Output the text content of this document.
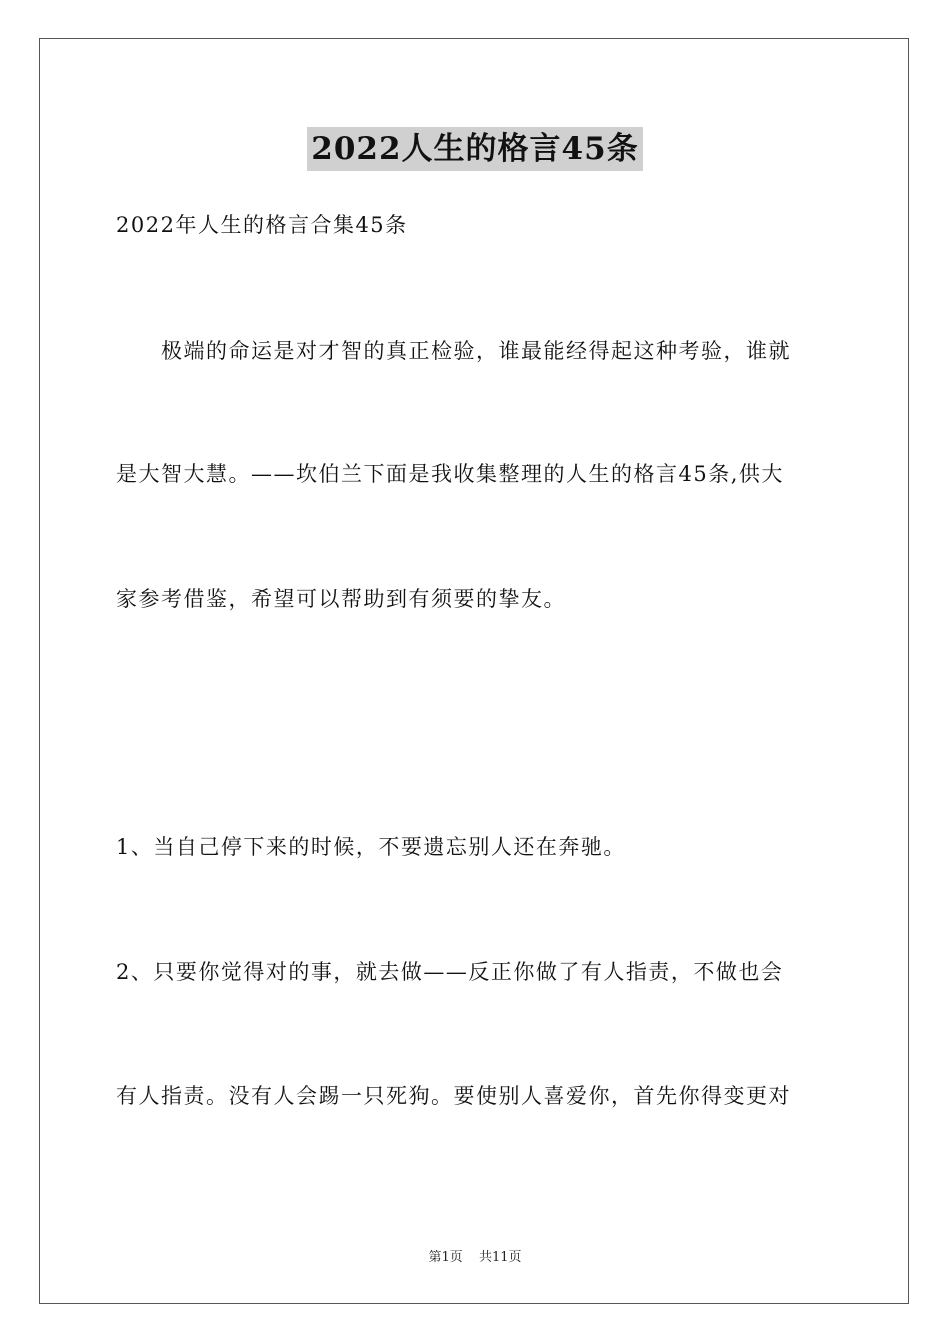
2022人生的格言45条
2022年人生的格言合集45条
　　极端的命运是对才智的真正检验，谁最能经得起这种考验，谁就
是大智大慧。——坎伯兰下面是我收集整理的人生的格言45条,供大
家参考借鉴，希望可以帮助到有须要的挚友。
1、当自己停下来的时候，不要遗忘别人还在奔驰。
2、只要你觉得对的事，就去做——反正你做了有人指责，不做也会
有人指责。没有人会踢一只死狗。要使别人喜爱你，首先你得变更对
第1页 共11页
